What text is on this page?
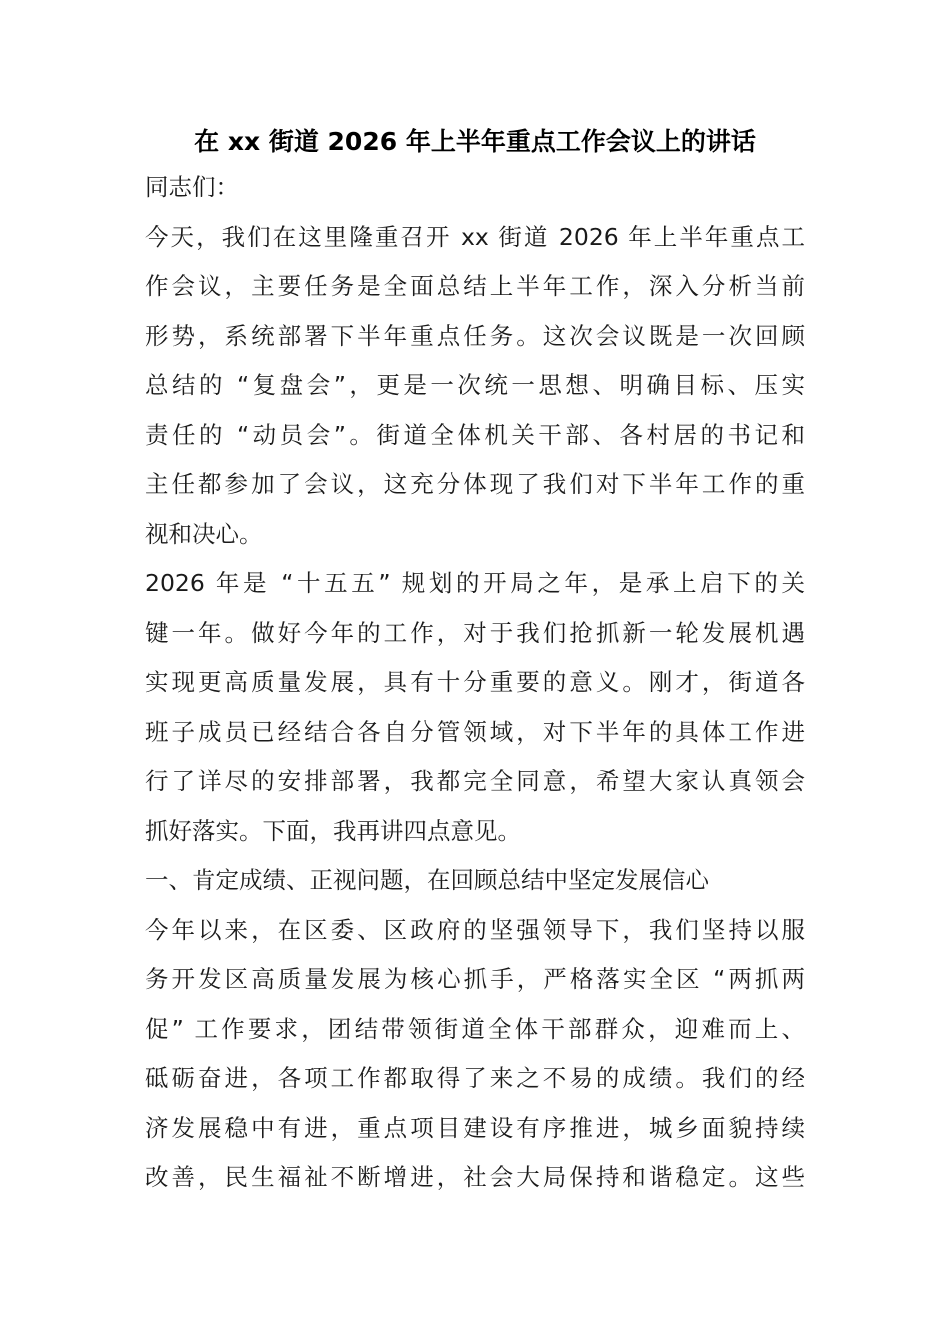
在 xx 街道 2026 年上半年重点工作会议上的讲话
同志们：
今天，我们在这里隆重召开 xx 街道 2026 年上半年重点工
作会议，主要任务是全面总结上半年工作，深入分析当前
形势，系统部署下半年重点任务。这次会议既是一次回顾
总结的 “复盘会”，更是一次统一思想、明确目标、压实
责任的 “动员会”。街道全体机关干部、各村居的书记和
主任都参加了会议，这充分体现了我们对下半年工作的重
视和决心。
2026 年是 “十五五” 规划的开局之年，是承上启下的关
键一年。做好今年的工作，对于我们抢抓新一轮发展机遇
实现更高质量发展，具有十分重要的意义。刚才，街道各
班子成员已经结合各自分管领域，对下半年的具体工作进
行了详尽的安排部署，我都完全同意，希望大家认真领会
抓好落实。下面，我再讲四点意见。
一、肯定成绩、正视问题，在回顾总结中坚定发展信心
今年以来，在区委、区政府的坚强领导下，我们坚持以服
务开发区高质量发展为核心抓手，严格落实全区 “两抓两
促” 工作要求，团结带领街道全体干部群众，迎难而上、
砥砺奋进，各项工作都取得了来之不易的成绩。我们的经
济发展稳中有进，重点项目建设有序推进，城乡面貌持续
改善，民生福祉不断增进，社会大局保持和谐稳定。这些
